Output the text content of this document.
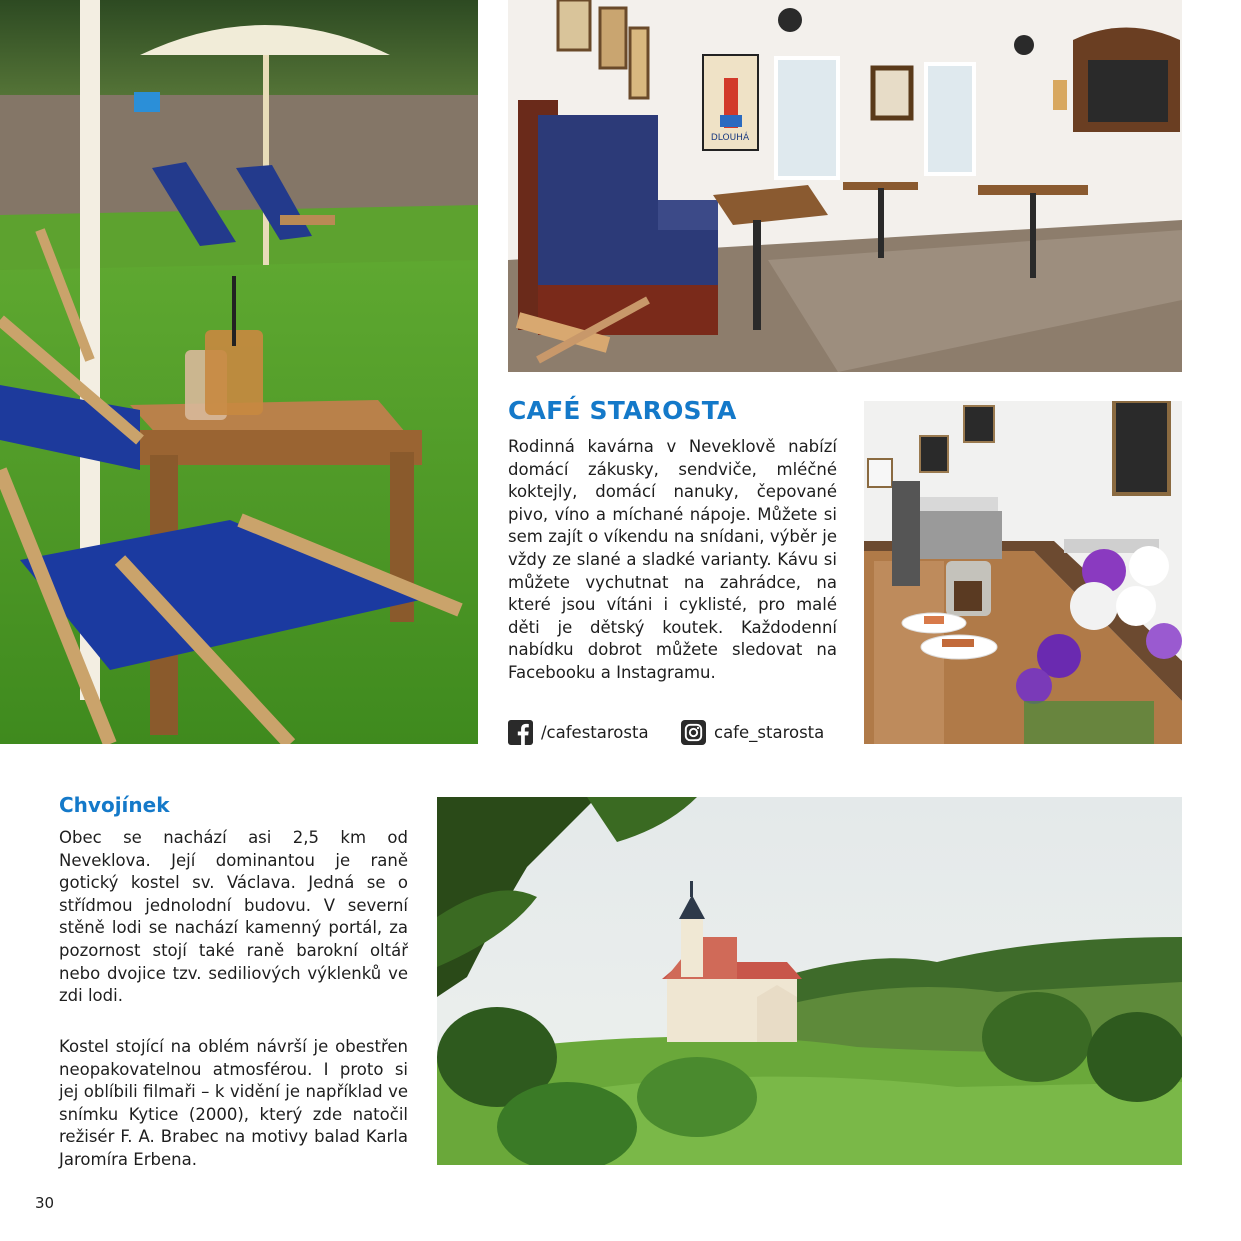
DLOUHÁ
CAFÉ STAROSTA

Rodinná kavárna v Neveklově nabízí domácí zákusky, sendviče, mléčné koktejly, domácí nanuky, čepované pivo, víno a míchané nápoje. Můžete si sem zajít o víkendu na snídani, výběr je vždy ze slané a sladké varianty. Kávu si můžete vychutnat na zahrádce, na které jsou vítáni i cyklisté, pro malé děti je dětský koutek. Každodenní nabídku dobrot můžete sledovat na Facebooku a Instagramu.

/cafestarosta	cafe_starosta
Chvojínek

Obec se nachází asi 2,5 km od Neveklova. Její dominantou je raně gotický kostel sv. Václava. Jedná se o střídmou jednolodní budovu. V severní stěně lodi se nachází kamenný portál, za pozornost stojí také raně barokní oltář nebo dvojice tzv. sediliových výklenků ve zdi lodi.

Kostel stojící na oblém návrší je obestřen neopakovatelnou atmosférou. I proto si jej oblíbili filmaři – k vidění je například ve snímku Kytice (2000), který zde natočil režisér F. A. Brabec na motivy balad Karla Jaromíra Erbena.

30
